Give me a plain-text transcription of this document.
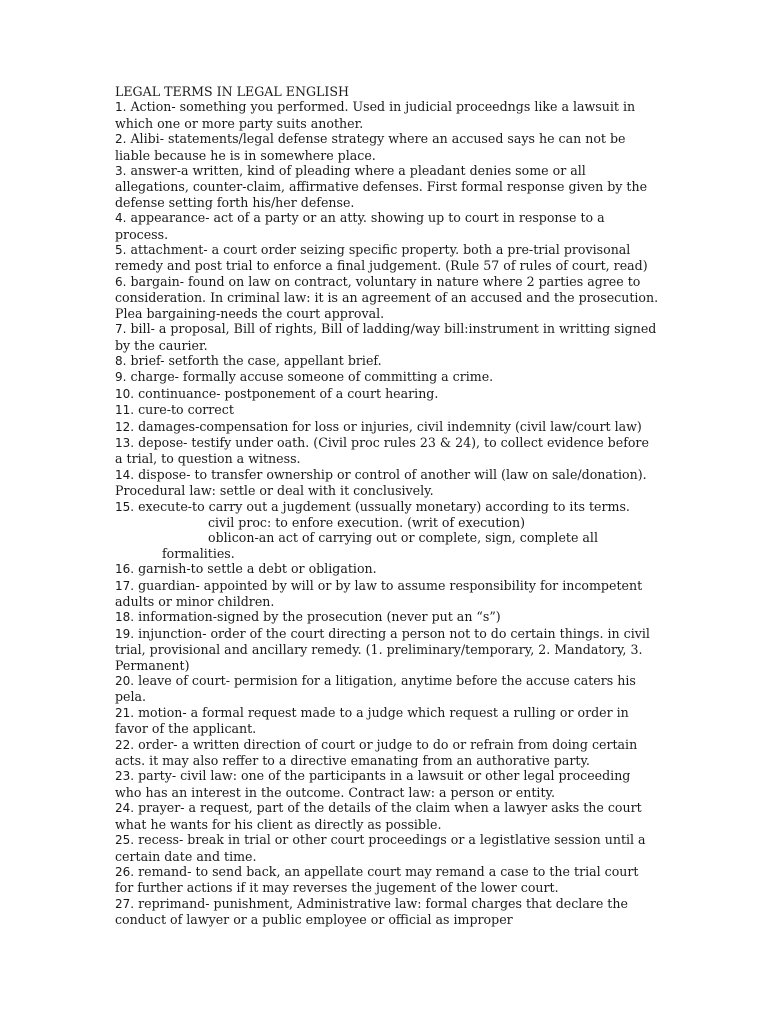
LEGAL TERMS IN LEGAL ENGLISH
1. Action- something you performed. Used in judicial proceedngs like a lawsuit in which one or more party suits another.
2. Alibi- statements/legal defense strategy where an accused says he can not be liable because he is in somewhere place.
3. answer-a written, kind of pleading where a pleadant denies some or all allegations, counter-claim, affirmative defenses. First formal response given by the defense setting forth his/her defense.
4. appearance- act of a party or an atty. showing up to court in response to a process.
5. attachment- a court order seizing specific property. both a pre-trial provisonal remedy and post trial to enforce a final judgement. (Rule 57 of rules of court, read)
6. bargain- found on law on contract, voluntary in nature where 2 parties agree to consideration. In criminal law: it is an agreement of an accused and the prosecution. Plea bargaining-needs the court approval.
7. bill- a proposal, Bill of rights, Bill of ladding/way bill:instrument in writting signed by the caurier.
8. brief- setforth the case, appellant brief.
9. charge- formally accuse someone of committing a crime.
10. continuance- postponement of a court hearing.
11. cure-to correct
12. damages-compensation for loss or injuries, civil indemnity (civil law/court law)
13. depose- testify under oath. (Civil proc rules 23 & 24), to collect evidence before a trial, to question a witness.
14. dispose- to transfer ownership or control of another will (law on sale/donation). Procedural law: settle or deal with it conclusively.
15. execute-to carry out a jugdement (ussually monetary) according to its terms.
civil proc: to enfore execution. (writ of execution)
oblicon-an act of carrying out or complete, sign, complete all
formalities.
16. garnish-to settle a debt or obligation.
17. guardian- appointed by will or by law to assume responsibility for incompetent adults or minor children.
18. information-signed by the prosecution (never put an “s”)
19. injunction- order of the court directing a person not to do certain things. in civil trial, provisional and ancillary remedy. (1. preliminary/temporary, 2. Mandatory, 3. Permanent)
20. leave of court- permision for a litigation, anytime before the accuse caters his pela.
21. motion- a formal request made to a judge which request a rulling or order in favor of the applicant.
22. order- a written direction of court or judge to do or refrain from doing certain acts. it may also reffer to a directive emanating from an authorative party.
23. party- civil law: one of the participants in a lawsuit or other legal proceeding who has an interest in the outcome. Contract law: a person or entity.
24. prayer- a request, part of the details of the claim when a lawyer asks the court what he wants for his client as directly as possible.
25. recess- break in trial or other court proceedings or a legistlative session until a certain date and time.
26. remand- to send back, an appellate court may remand a case to the trial court for further actions if it may reverses the jugement of the lower court.
27. reprimand- punishment, Administrative law: formal charges that declare the conduct of lawyer or a public employee or official as improper
